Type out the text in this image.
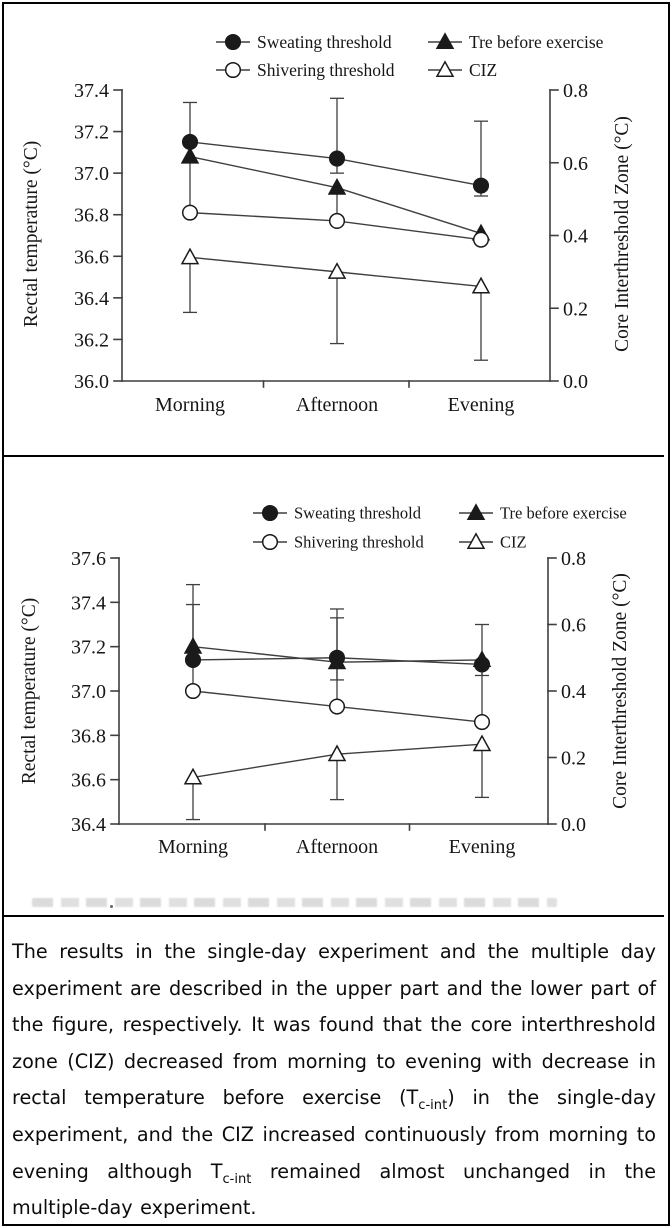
37.4
37.2
37.0
36.8
36.6
36.4
36.2
36.0
0.8
0.6
0.4
0.2
0.0
Morning	Afternoon	Evening
Rectal temperature (°C)	Core Interthreshold Zone (°C)
Sweating threshold	Tre before exercise
Shivering threshold	CIZ
37.6
37.4
37.2
37.0
36.8
36.6
36.4
0.8
0.6
0.4
0.2
0.0
Morning	Afternoon	Evening
Rectal temperature (°C)	Core Interthreshold Zone (°C)
Sweating threshold	Tre before exercise
Shivering threshold	CIZ

The results in the single-day experiment and the multiple day experiment are described in the upper part and the lower part of the figure, respectively. It was found that the core interthreshold zone (CIZ) decreased from morning to evening with decrease in rectal temperature before exercise $(T_{c-int})$ in the single-day experiment, and the CIZ increased continuously from morning to evening although $T_{c-int}$ remained almost unchanged in the multiple-day experiment.
